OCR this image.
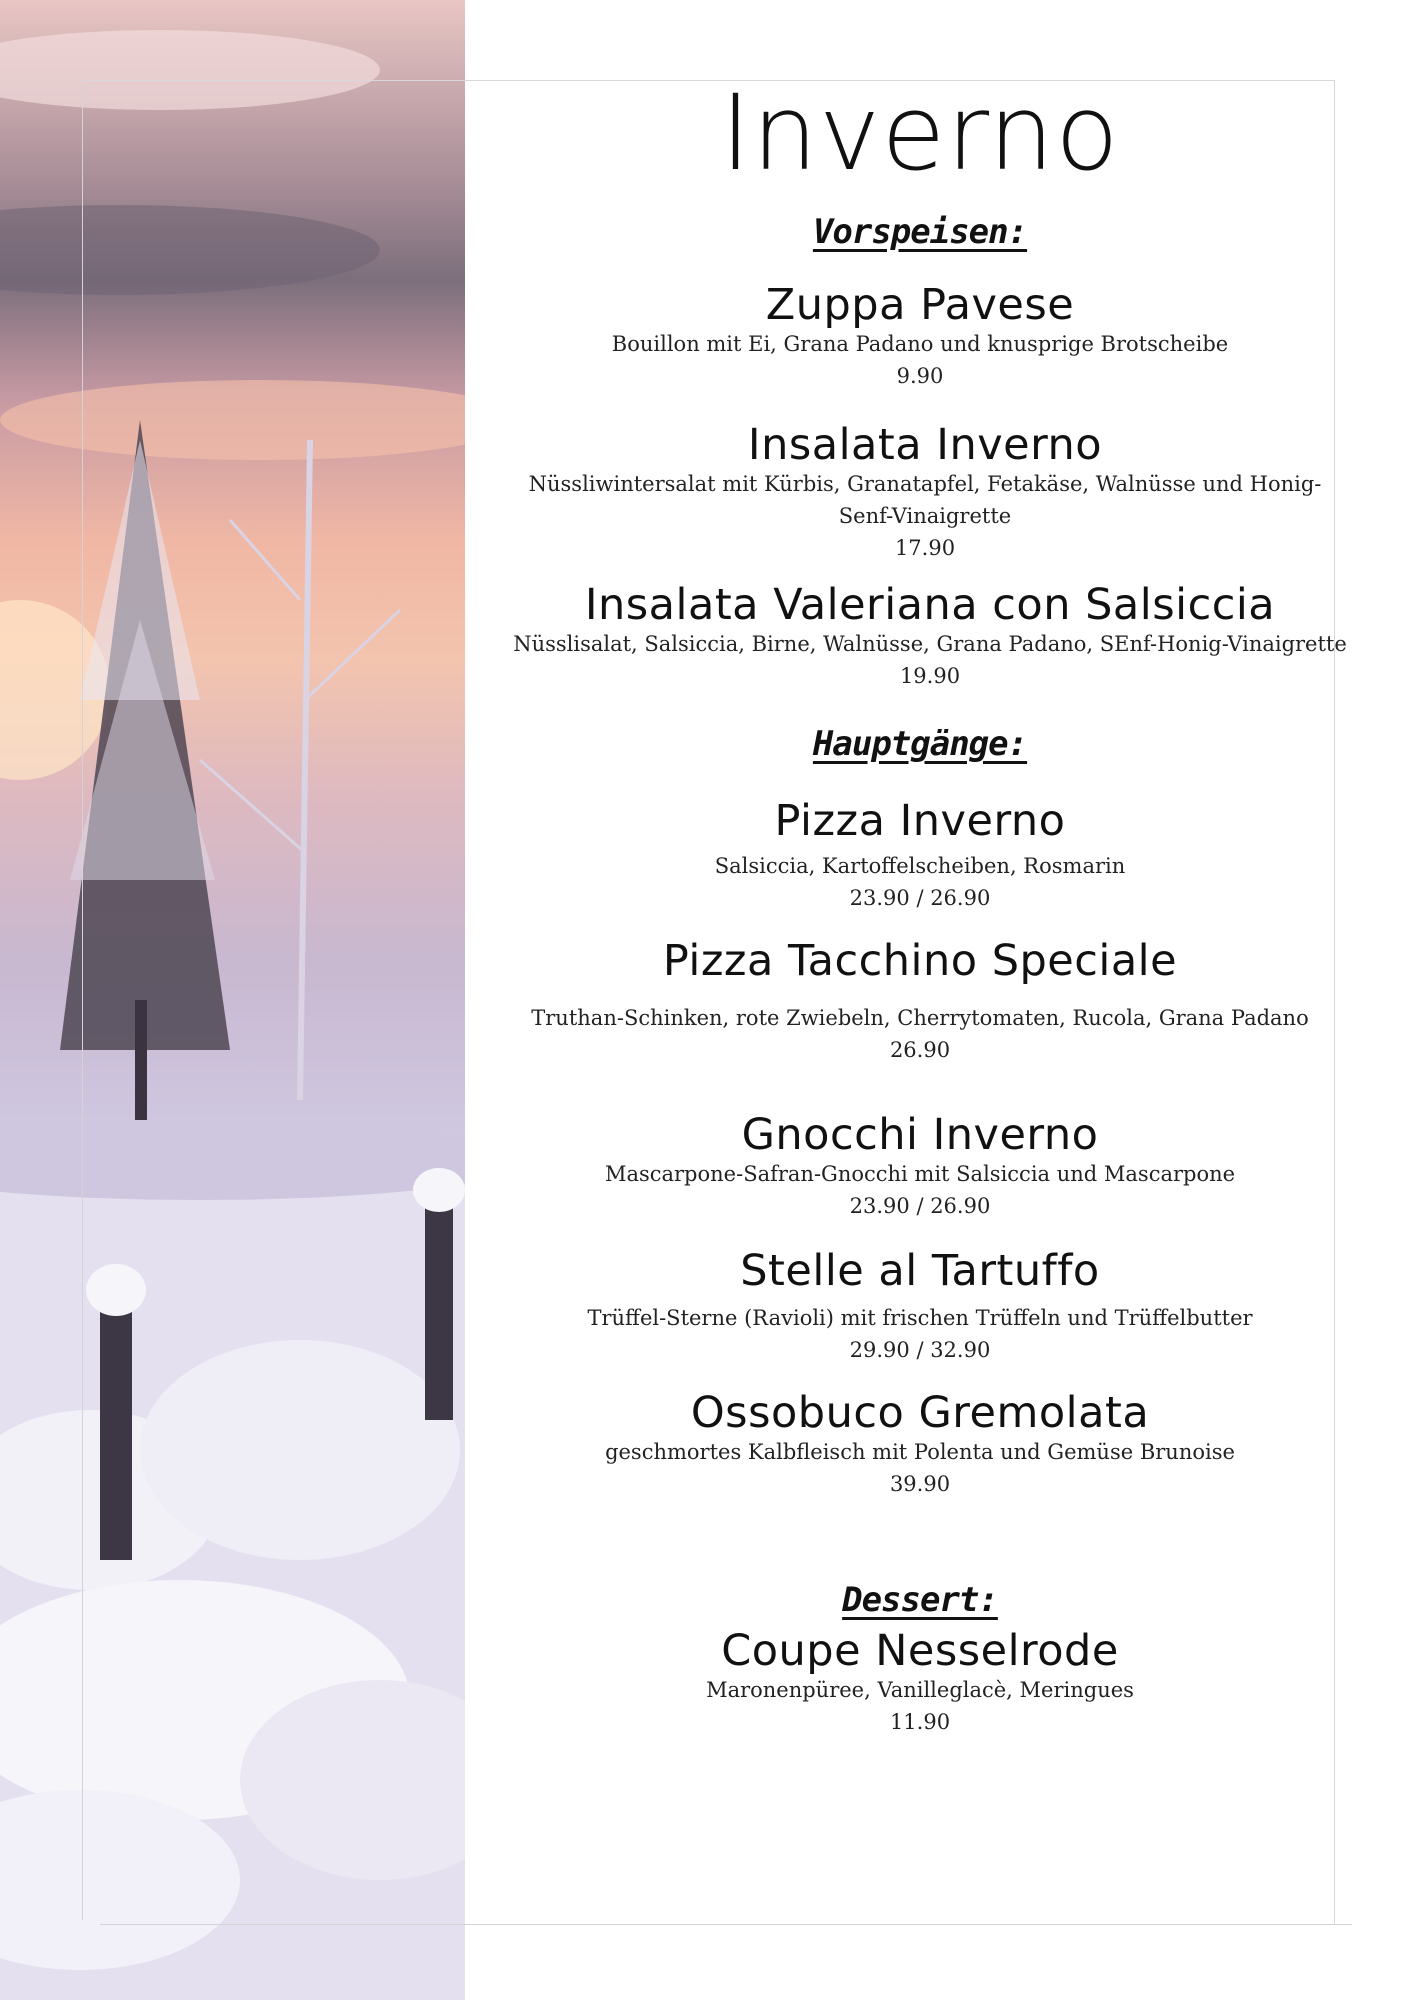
Inverno
Vorspeisen:
Zuppa Pavese
Bouillon mit Ei, Grana Padano und knusprige Brotscheibe
9.90
Insalata Inverno
Nüssliwintersalat mit Kürbis, Granatapfel, Fetakäse, Walnüsse und Honig-Senf-Vinaigrette
17.90
Insalata Valeriana con Salsiccia
Nüsslisalat, Salsiccia, Birne, Walnüsse, Grana Padano, SEnf-Honig-Vinaigrette
19.90
Hauptgänge:
Pizza Inverno
Salsiccia, Kartoffelscheiben, Rosmarin
23.90 / 26.90
Pizza Tacchino Speciale
Truthan-Schinken, rote Zwiebeln, Cherrytomaten, Rucola, Grana Padano
26.90
Gnocchi Inverno
Mascarpone-Safran-Gnocchi mit Salsiccia und Mascarpone
23.90 / 26.90
Stelle al Tartuffo
Trüffel-Sterne (Ravioli) mit frischen Trüffeln und Trüffelbutter
29.90 / 32.90
Ossobuco Gremolata
geschmortes Kalbfleisch mit Polenta und Gemüse Brunoise
39.90
Dessert:
Coupe Nesselrode
Maronenpüree, Vanilleglacè, Meringues
11.90
